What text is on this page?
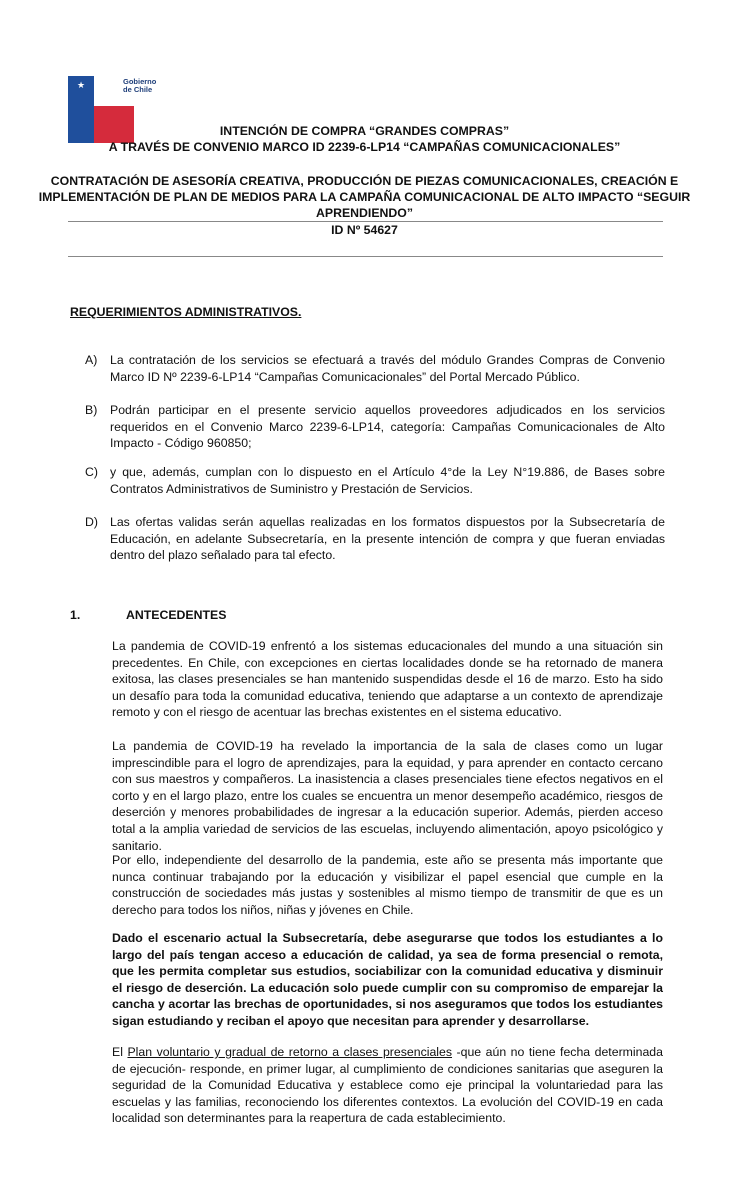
★	Gobierno
de Chile
INTENCIÓN DE COMPRA “GRANDES COMPRAS”
A TRAVÉS DE CONVENIO MARCO ID 2239-6-LP14 “CAMPAÑAS COMUNICACIONALES”
CONTRATACIÓN DE ASESORÍA CREATIVA, PRODUCCIÓN DE PIEZAS COMUNICACIONALES, CREACIÓN E
IMPLEMENTACIÓN DE PLAN DE MEDIOS PARA LA CAMPAÑA COMUNICACIONAL DE ALTO IMPACTO “SEGUIR
APRENDIENDO”
ID Nº 54627
REQUERIMIENTOS ADMINISTRATIVOS.
A)	La contratación de los servicios se efectuará a través del módulo Grandes Compras de Convenio Marco ID Nº 2239-6-LP14 “Campañas Comunicacionales” del Portal Mercado Público.
B)	Podrán participar en el presente servicio aquellos proveedores adjudicados en los servicios requeridos en el Convenio Marco 2239-6-LP14, categoría: Campañas Comunicacionales de Alto Impacto - Código 960850;
C) y que, además, cumplan con lo dispuesto en el Artículo 4°de la Ley N°19.886, de Bases sobre Contratos Administrativos de Suministro y Prestación de Servicios.
D) Las ofertas validas serán aquellas realizadas en los formatos dispuestos por la Subsecretaría de Educación, en adelante Subsecretaría, en la presente intención de compra y que fueran enviadas dentro del plazo señalado para tal efecto.
1.	ANTECEDENTES
La pandemia de COVID-19 enfrentó a los sistemas educacionales del mundo a una situación sin precedentes. En Chile, con excepciones en ciertas localidades donde se ha retornado de manera exitosa, las clases presenciales se han mantenido suspendidas desde el 16 de marzo. Esto ha sido un desafío para toda la comunidad educativa, teniendo que adaptarse a un contexto de aprendizaje remoto y con el riesgo de acentuar las brechas existentes en el sistema educativo.
La pandemia de COVID-19 ha revelado la importancia de la sala de clases como un lugar imprescindible para el logro de aprendizajes, para la equidad, y para aprender en contacto cercano con sus maestros y compañeros. La inasistencia a clases presenciales tiene efectos negativos en el corto y en el largo plazo, entre los cuales se encuentra un menor desempeño académico, riesgos de deserción y menores probabilidades de ingresar a la educación superior. Además, pierden acceso total a la amplia variedad de servicios de las escuelas, incluyendo alimentación, apoyo psicológico y sanitario.
Por ello, independiente del desarrollo de la pandemia, este año se presenta más importante que nunca continuar trabajando por la educación y visibilizar el papel esencial que cumple en la construcción de sociedades más justas y sostenibles al mismo tiempo de transmitir de que es un derecho para todos los niños, niñas y jóvenes en Chile.
Dado el escenario actual la Subsecretaría, debe asegurarse que todos los estudiantes a lo largo del país tengan acceso a educación de calidad, ya sea de forma presencial o remota, que les permita completar sus estudios, sociabilizar con la comunidad educativa y disminuir el riesgo de deserción. La educación solo puede cumplir con su compromiso de emparejar la cancha y acortar las brechas de oportunidades, si nos aseguramos que todos los estudiantes sigan estudiando y reciban el apoyo que necesitan para aprender y desarrollarse.
El Plan voluntario y gradual de retorno a clases presenciales -que aún no tiene fecha determinada de ejecución- responde, en primer lugar, al cumplimiento de condiciones sanitarias que aseguren la seguridad de la Comunidad Educativa y establece como eje principal la voluntariedad para las escuelas y las familias, reconociendo los diferentes contextos. La evolución del COVID-19 en cada localidad son determinantes para la reapertura de cada establecimiento.
